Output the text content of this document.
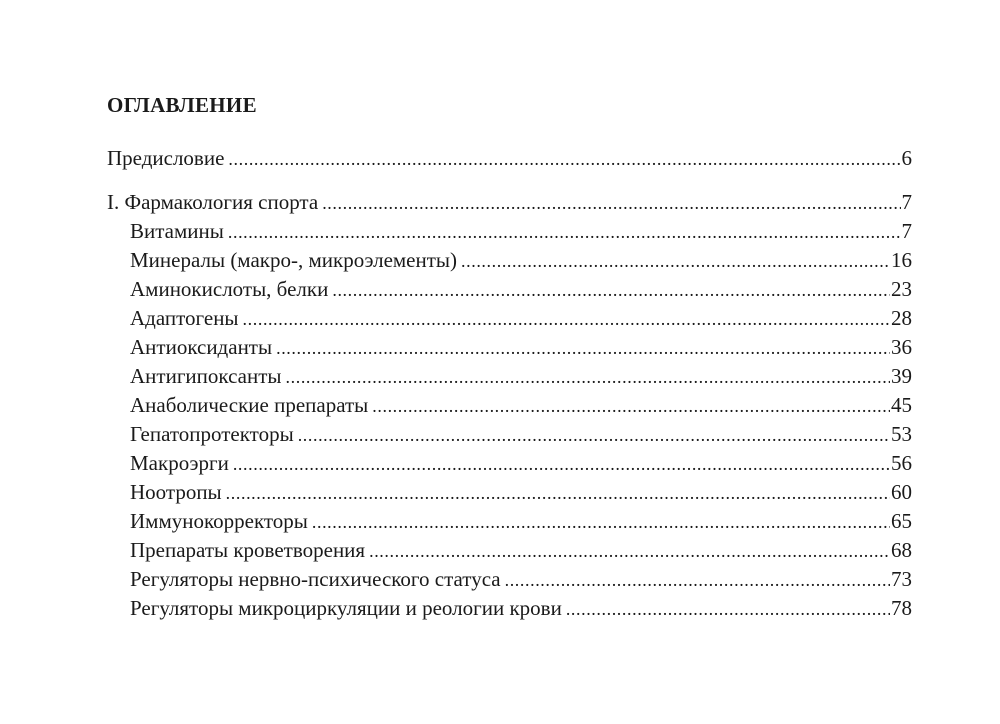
ОГЛАВЛЕНИЕ
Предисловие .....	6
I. Фармакология спорта .....	7
Витамины .....	7
Минералы (макро-, микроэлементы) .....	16
Аминокислоты, белки .....	23
Адаптогены .....	28
Антиоксиданты .....	36
Антигипоксанты .....	39
Анаболические препараты .....	45
Гепатопротекторы .....	53
Макроэрги .....	56
Ноотропы .....	60
Иммунокорректоры .....	65
Препараты кроветворения .....	68
Регуляторы нервно-психического статуса .....	73
Регуляторы микроциркуляции и реологии крови .....	78
